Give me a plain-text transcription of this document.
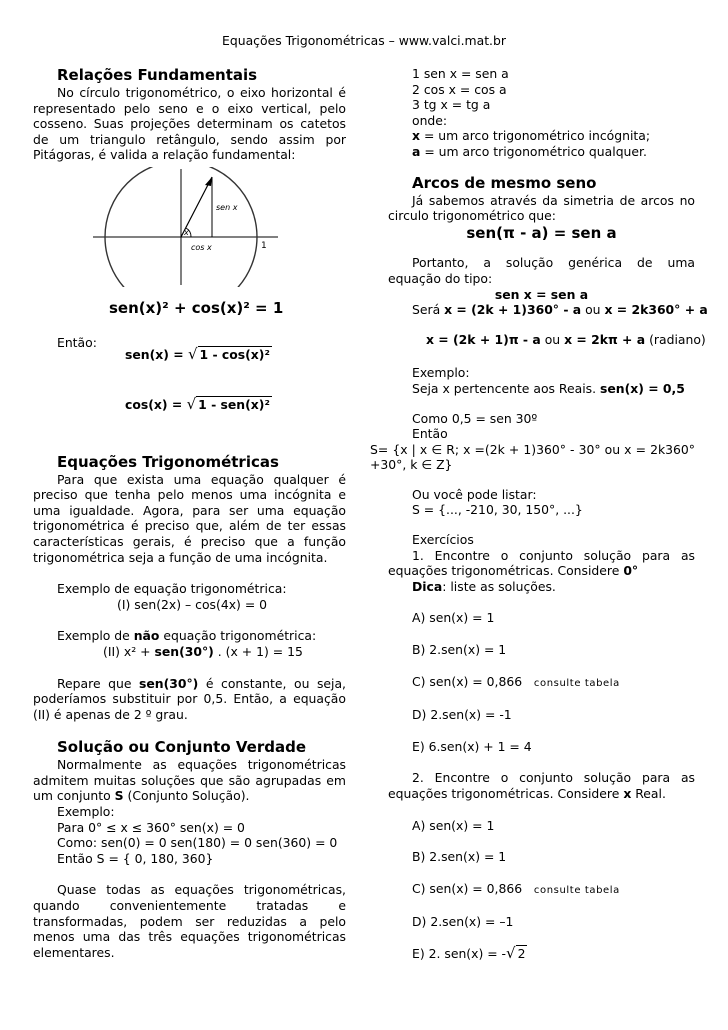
Equações Trigonométricas – www.valci.mat.br
Relações Fundamentais

No círculo trigonométrico, o eixo horizontal é representado pelo seno e o eixo vertical, pelo cosseno. Suas projeções determinam os catetos de um triangulo retângulo, sendo assim por Pitágoras, é valida a relação fundamental:

sen x
cos x
x
1
sen(x)² + cos(x)² = 1
Então:
sen(x) = √ 1 - cos(x)²
cos(x) = √ 1 - sen(x)²
Equações Trigonométricas

Para que exista uma equação qualquer é preciso que tenha pelo menos uma incógnita e uma igualdade. Agora, para ser uma equação trigonométrica é preciso que, além de ter essas características gerais, é preciso que a função trigonométrica seja a função de uma incógnita.

Exemplo de equação trigonométrica:

(I) sen(2x) – cos(4x) = 0

Exemplo de não equação trigonométrica:

(II) x² + sen(30°) . (x + 1) = 15

Repare que sen(30°) é constante, ou seja, poderíamos substituir por 0,5. Então, a equação (II) é apenas de 2 º grau.

Solução ou Conjunto Verdade

Normalmente as equações trigonométricas admitem muitas soluções que são agrupadas em um conjunto S (Conjunto Solução).

Exemplo:

Para 0° ≤ x ≤ 360° sen(x) = 0

Como: sen(0) = 0 sen(180) = 0 sen(360) = 0

Então S = { 0, 180, 360}

Quase todas as equações trigonométricas, quando convenientemente tratadas e transformadas, podem ser reduzidas a pelo menos uma das três equações trigonométricas elementares.

1 sen x = sen a

2 cos x = cos a

3 tg x = tg a

onde:

x = um arco trigonométrico incógnita;

a = um arco trigonométrico qualquer.

Arcos de mesmo seno

Já sabemos através da simetria de arcos no circulo trigonométrico que:

sen(π - a) = sen a

Portanto, a solução genérica de uma equação do tipo:

sen x = sen a

Será x = (2k + 1)360° - a ou x = 2k360° + a

x = (2k + 1)π - a ou x = 2kπ + a (radiano)

Exemplo:

Seja x pertencente aos Reais. sen(x) = 0,5

Como 0,5 = sen 30º

Então

S= {x | x ∈ R; x =(2k + 1)360° - 30° ou x = 2k360° +30°, k ∈ Z}

Ou você pode listar:

S = {..., -210, 30, 150°, ...}

Exercícios

1. Encontre o conjunto solução para as equações trigonométricas. Considere 0°

Dica: liste as soluções.

A) sen(x) = 1

B) 2.sen(x) = 1

C) sen(x) = 0,866 consulte tabela

D) 2.sen(x) = -1

E) 6.sen(x) + 1 = 4

2. Encontre o conjunto solução para as equações trigonométricas. Considere x Real.

A) sen(x) = 1

B) 2.sen(x) = 1

C) sen(x) = 0,866 consulte tabela

D) 2.sen(x) = –1

E) 2. sen(x) = -√ 2
